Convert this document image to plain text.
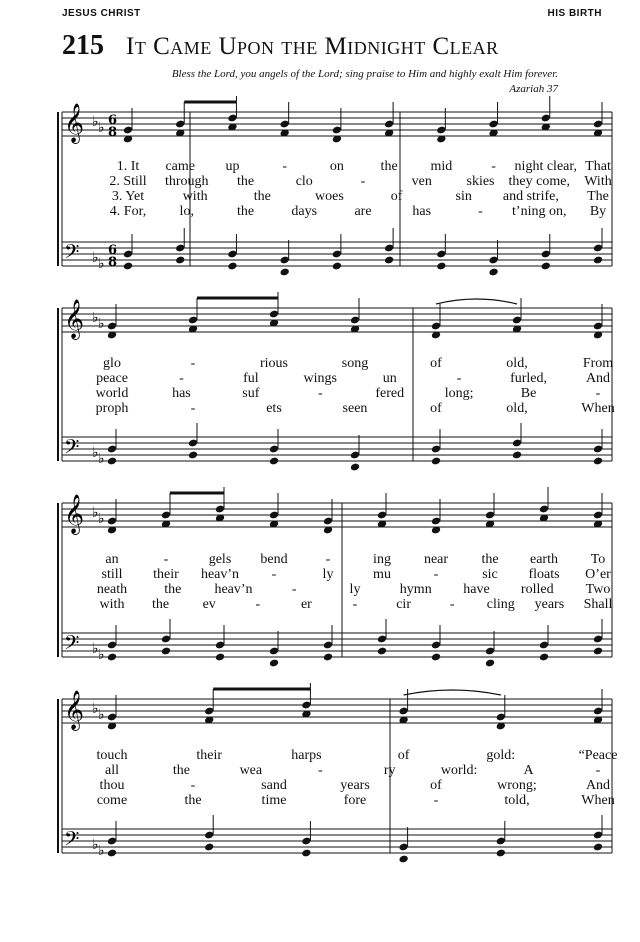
JESUS CHRIST	HIS BIRTH
215 It Came Upon the Midnight Clear
Bless the Lord, you angels of the Lord; sing praise to Him and highly exalt Him forever.
Azariah 37
𝄞
𝄢
♭ ♭
♭ ♭
6
8
6
8
𝄞
𝄢
♭ ♭
♭ ♭
𝄞
𝄢
♭ ♭
♭ ♭
𝄞
𝄢
♭ ♭
♭ ♭
1. It came up	-	on	the mid	- night clear, That
2. Still through the	clo	-	ven skies they come, With
3. Yet	with	the	woes	of	sin and strife, The
4. For, lo,	the	days	are	has	- t’ning on, By
glo	-	rious	song	of	old,	From
peace	-	ful	wings	un	-	furled,	And
world	has	suf	-	fered	long;	Be	-
proph	-	ets	seen	of	old,	When
an	-	gels bend	-	ing near the earth To
still their heav’n -	ly	mu	-	sic floats O’er
neath	the heav’n	-	ly	hymn have rolled Two
with the ev	-	er	-	cir	- cling years Shall
touch	their	harps	of	gold:	“Peace
all	the	wea	-	ry	world:	A	-
thou	-	sand	years	of	wrong;	And
come	the	time	fore	-	told,	When
